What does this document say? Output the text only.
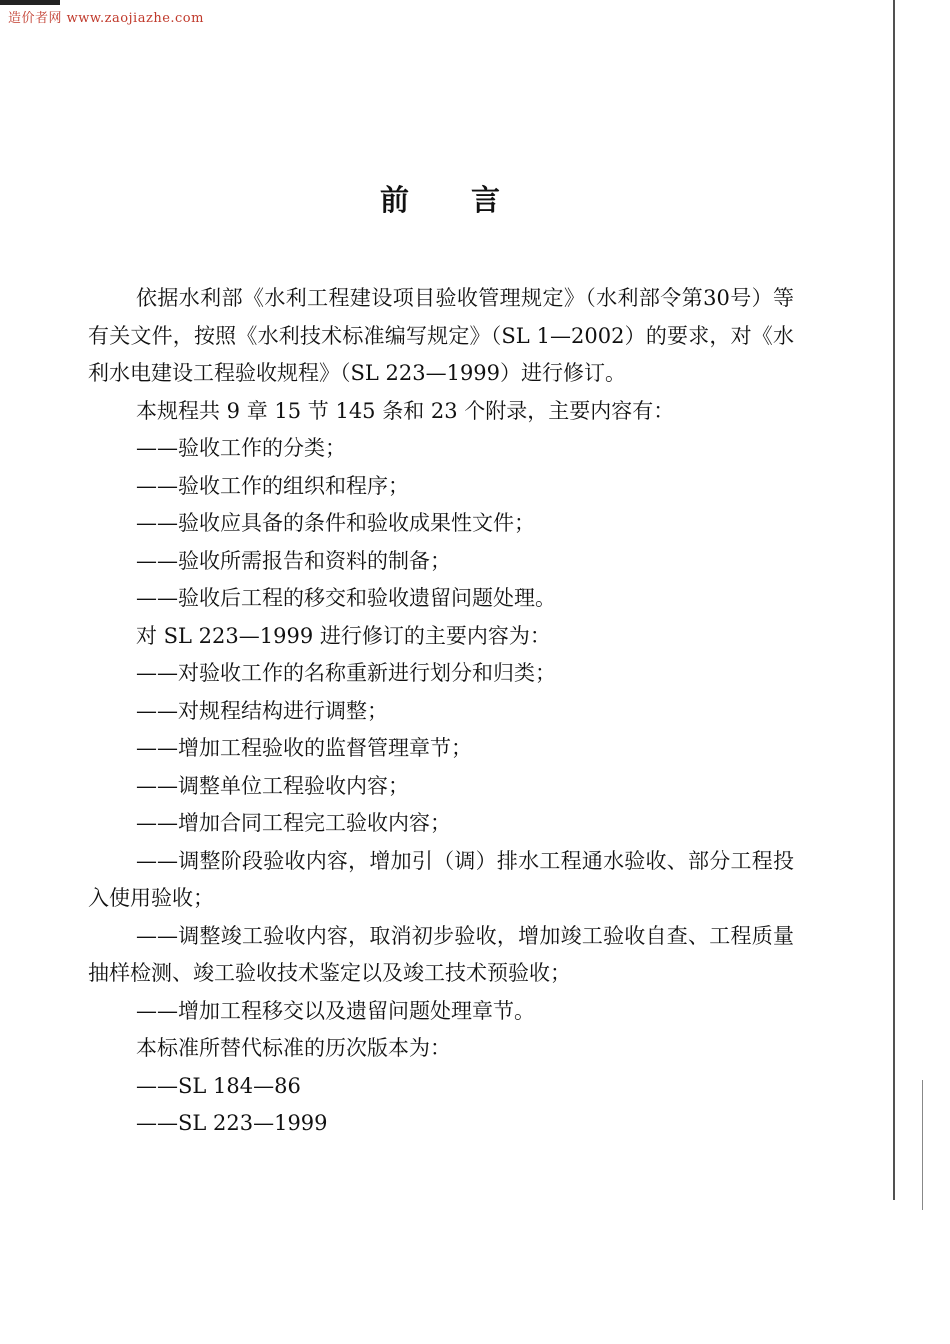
造价者网 www.zaojiazhe.com
前言

依据水利部《水利工程建设项目验收管理规定》（水利部令第30号）等有关文件，按照《水利技术标准编写规定》（SL 1—2002）的要求，对《水利水电建设工程验收规程》（SL 223—1999）进行修订。

本规程共 9 章 15 节 145 条和 23 个附录，主要内容有：

——验收工作的分类；

——验收工作的组织和程序；

——验收应具备的条件和验收成果性文件；

——验收所需报告和资料的制备；

——验收后工程的移交和验收遗留问题处理。

对 SL 223—1999 进行修订的主要内容为：

——对验收工作的名称重新进行划分和归类；

——对规程结构进行调整；

——增加工程验收的监督管理章节；

——调整单位工程验收内容；

——增加合同工程完工验收内容；

——调整阶段验收内容，增加引（调）排水工程通水验收、部分工程投入使用验收；

——调整竣工验收内容，取消初步验收，增加竣工验收自查、工程质量抽样检测、竣工验收技术鉴定以及竣工技术预验收；

——增加工程移交以及遗留问题处理章节。

本标准所替代标准的历次版本为：

——SL 184—86

——SL 223—1999
